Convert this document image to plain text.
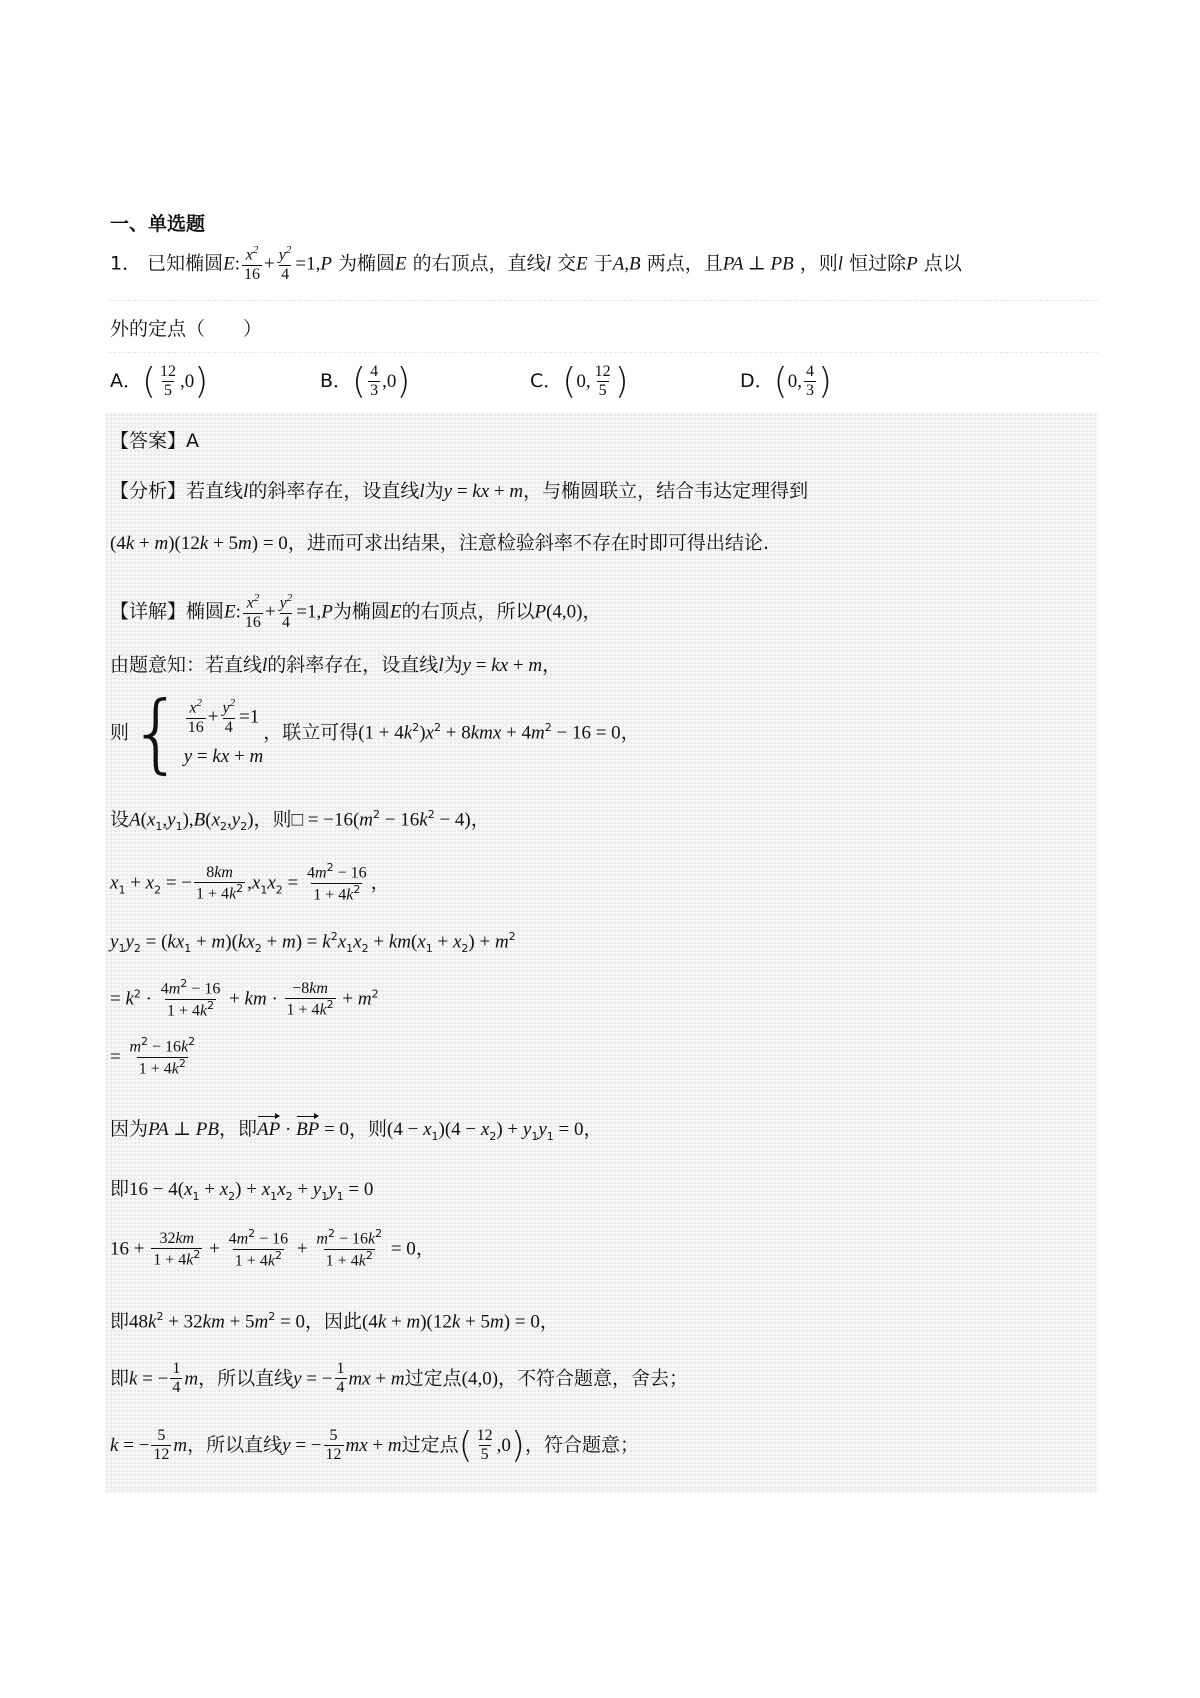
一、单选题
1． 已知椭圆E: $\frac{x^2}{16} + \frac{y^2}{4} =1,P$ 为椭圆E 的右顶点，直线l 交E 于A,B 两点，且PA ⊥ PB ，则l 恒过除P 点以
外的定点（　　）
A．( $\frac{12}{5} ,0$)	B．( $\frac{4}{3} ,0$)	C．(0, $\frac{12}{5}$ )	D．(0, $\frac{4}{3}$ )
【答案】A
【分析】若直线l的斜率存在，设直线l为y = kx + m，与椭圆联立，结合韦达定理得到
(4k + m)(12k + 5m) = 0，进而可求出结果，注意检验斜率不存在时即可得出结论.
【详解】椭圆E: $\frac{x^2}{16} + \frac{y^2}{4} =1,P$为椭圆E的右顶点，所以P(4,0)，
由题意知：若直线l的斜率存在，设直线l为y = kx + m，
则{ $\frac{x^2}{16} + \frac{y^2}{4} =1$
y = kx + m
，联立可得$(1 + 4k^2)x^2 + 8kmx + 4m^2 - 16 = 0$，
设$A(x_1,y_1),B(x_2,y_2)$，则□ = $-16(m^2 - 16k^2 - 4)$，
$x_1 + x_2$ = − $\frac{8km}{1 + 4k^2} ,x_1x_2 = \frac{4m^2 - 16}{1 + 4k^2}$ ，
$y_1y_2 = (kx_1 + m)(kx_2 + m) = k^2x_1x_2 + km(x_1 + x_2) + m^2$
= $k^2 \cdot \frac{4m^2 - 16}{1 + 4k^2}$ + km · $\frac{-8km}{1 + 4k^2} + m^2$
= $\frac{m^2 - 16k^2}{1 + 4k^2}$
因为PA ⊥ PB，即AP · BP = 0，则$(4 - x_1)(4 - x_2) + y_1y_1 = 0$，
即$16 - 4(x_1 + x_2) + x_1x_2 + y_1y_1 = 0$
$16 + \frac{32km}{1 + 4k^2} + \frac{4m^2 - 16}{1 + 4k^2} + \frac{m^2 - 16k^2}{1 + 4k^2} = 0$，
即$48k^2 + 32km + 5m^2 = 0$，因此(4k + m)(12k + 5m) = 0，
即k = − $\frac{1}{4}$ m，所以直线y = − $\frac{1}{4}$ mx + m过定点(4,0)，不符合题意，舍去；
k = − $\frac{5}{12}$ m，所以直线y = − $\frac{5}{12}$ mx + m过定点( $\frac{12}{5} ,0$)，符合题意；
